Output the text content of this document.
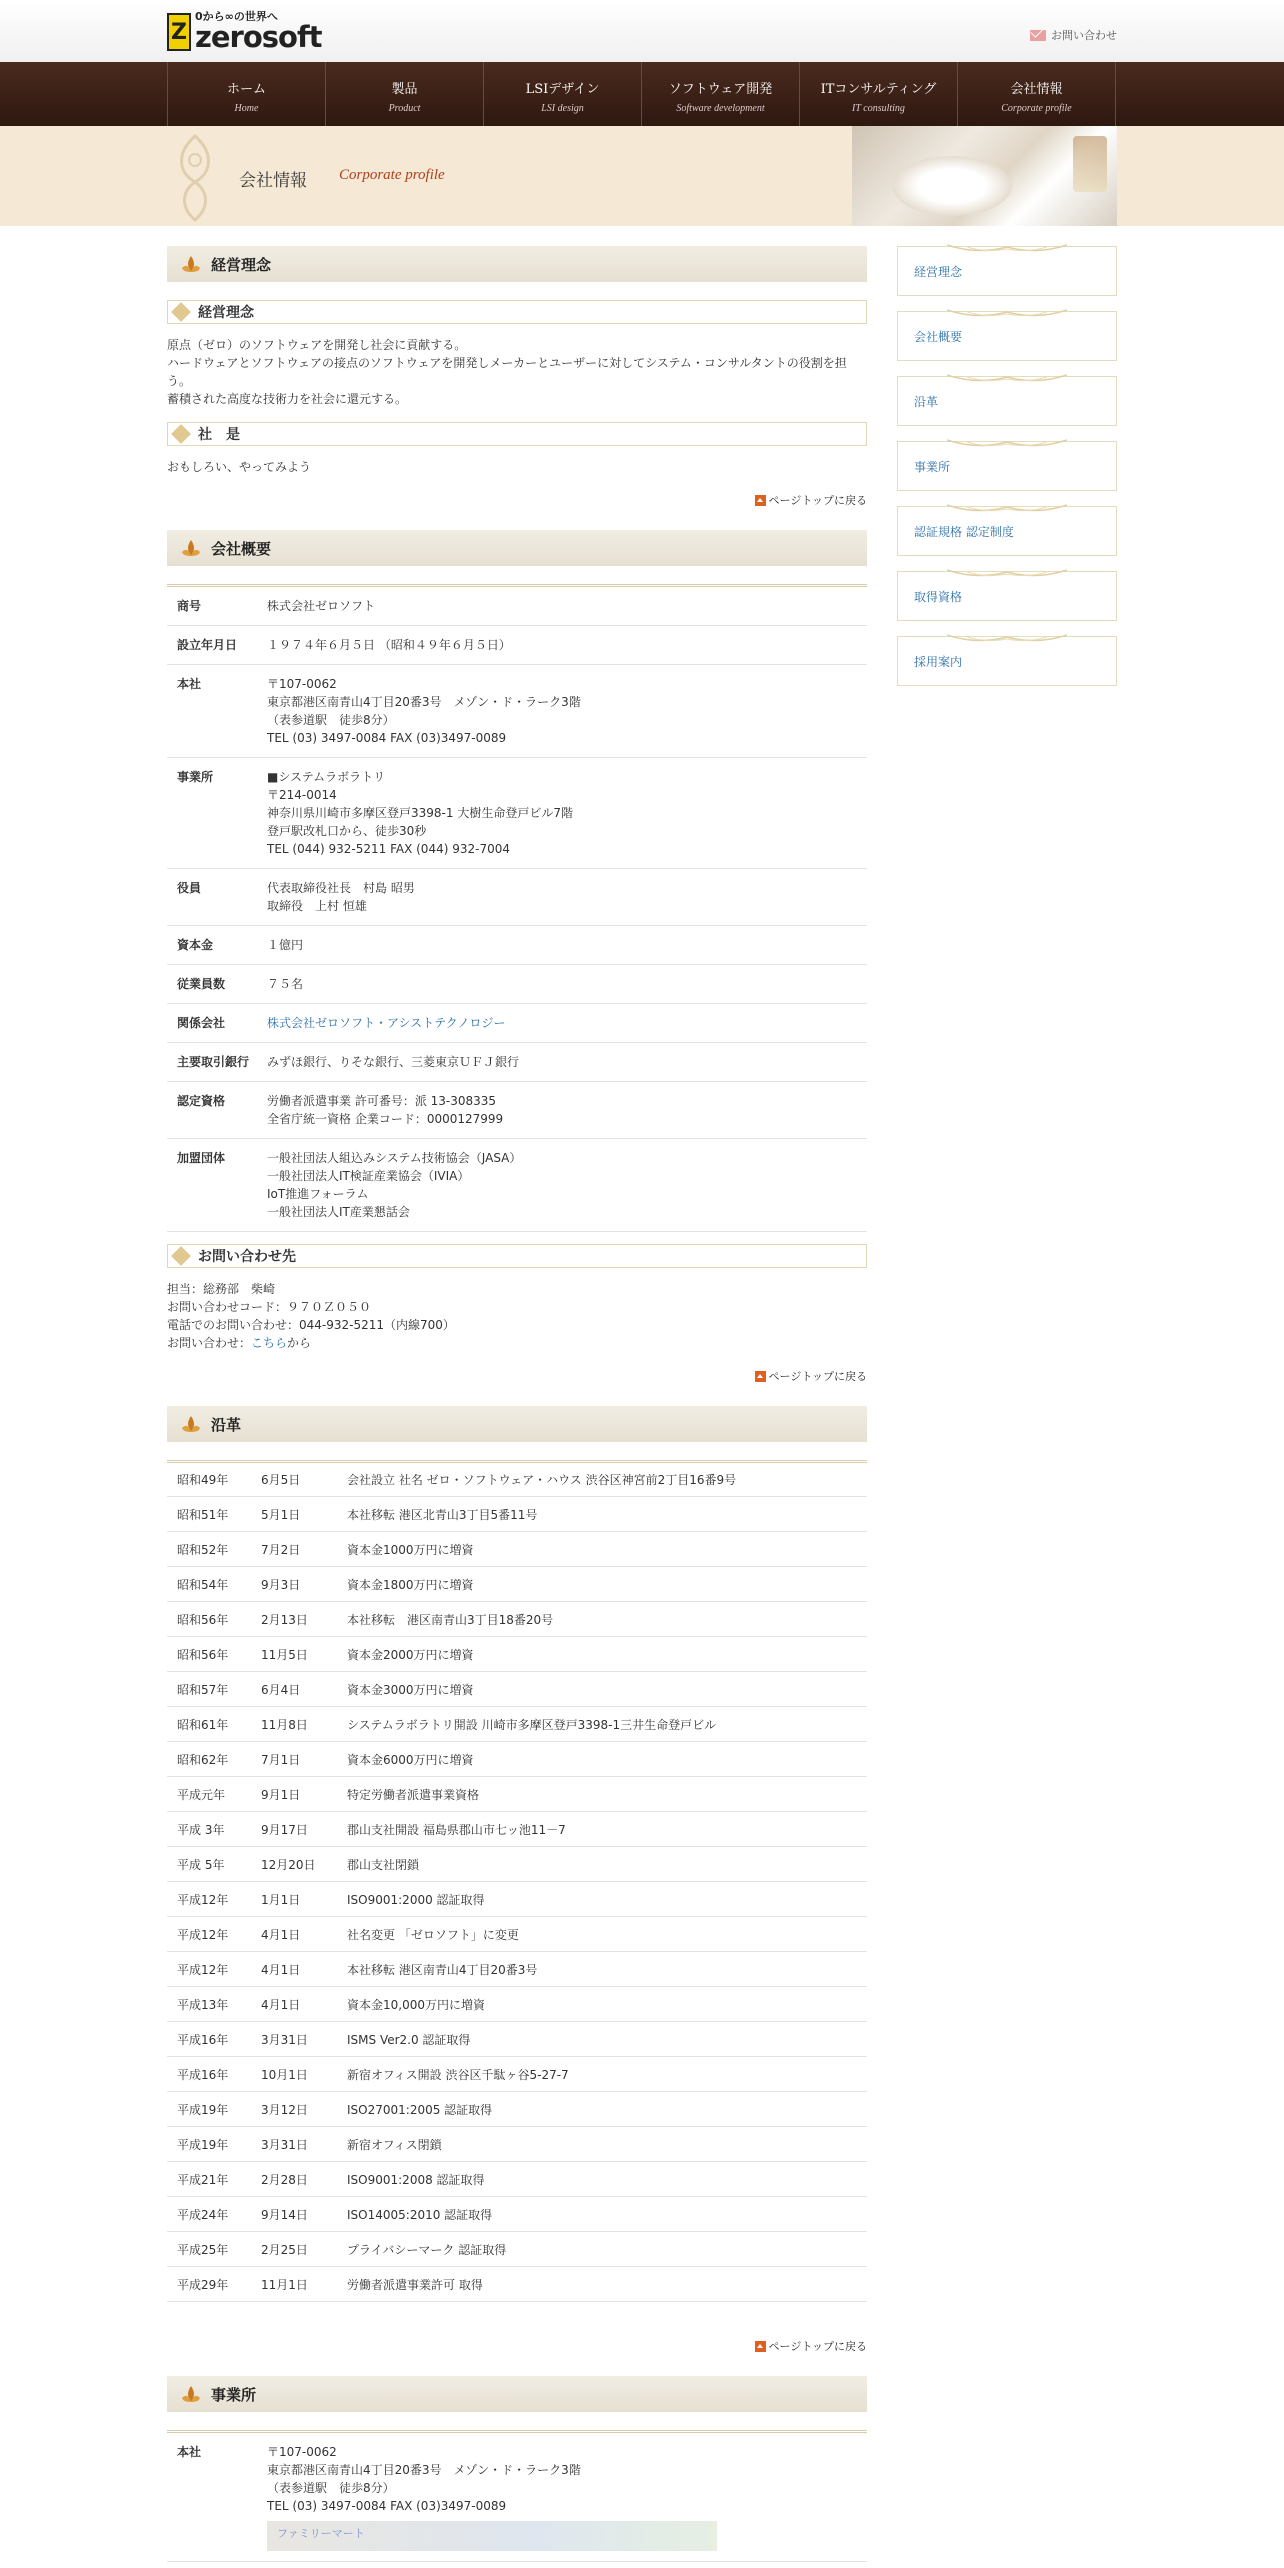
Z
0から∞の世界へ
zerosoft	お問い合わせ
ホーム
Home
製品
Product
LSIデザイン
LSI design
ソフトウェア開発
Software development
ITコンサルティング
IT consulting
会社情報
Corporate profile
会社情報 Corporate profile
経営理念
経営理念
原点（ゼロ）のソフトウェアを開発し社会に貢献する。
ハードウェアとソフトウェアの接点のソフトウェアを開発しメーカーとユーザーに対してシステム・コンサルタントの役割を担う。
蓄積された高度な技術力を社会に還元する。
社　是
おもしろい、やってみよう
ページトップに戻る
会社概要
商号	株式会社ゼロソフト

設立年月日	１９７４年６月５日 （昭和４９年６月５日）

本社	〒107-0062
東京都港区南青山4丁目20番3号　メゾン・ド・ラーク3階
（表参道駅　徒歩8分）
TEL (03) 3497-0084 FAX (03)3497-0089

事業所	■システムラボラトリ
〒214-0014
神奈川県川崎市多摩区登戸3398-1 大樹生命登戸ビル7階
登戸駅改札口から、徒歩30秒
TEL (044) 932-5211 FAX (044) 932-7004

役員	代表取締役社長　村島 昭男
取締役　上村 恒雄

資本金	１億円

従業員数	７５名

関係会社	株式会社ゼロソフト・アシストテクノロジー

主要取引銀行	みずほ銀行、りそな銀行、三菱東京ＵＦＪ銀行

認定資格	労働者派遣事業 許可番号：派 13-308335
全省庁統一資格 企業コード：0000127999

加盟団体	一般社団法人組込みシステム技術協会（JASA）
一般社団法人IT検証産業協会（IVIA）
IoT推進フォーラム
一般社団法人IT産業懇話会
お問い合わせ先
担当：総務部　柴崎
お問い合わせコード：９７０Ｚ０５０
電話でのお問い合わせ：044-932-5211（内線700）
お問い合わせ：こちらから
ページトップに戻る
沿革
昭和49年	6月5日	会社設立 社名 ゼロ・ソフトウェア・ハウス 渋谷区神宮前2丁目16番9号
昭和51年	5月1日	本社移転 港区北青山3丁目5番11号
昭和52年	7月2日	資本金1000万円に増資
昭和54年	9月3日	資本金1800万円に増資
昭和56年	2月13日	本社移転　港区南青山3丁目18番20号
昭和56年	11月5日	資本金2000万円に増資
昭和57年	6月4日	資本金3000万円に増資
昭和61年	11月8日	システムラボラトリ開設 川崎市多摩区登戸3398-1三井生命登戸ビル
昭和62年	7月1日	資本金6000万円に増資
平成元年	9月1日	特定労働者派遣事業資格
平成 3年	9月17日	郡山支社開設 福島県郡山市七ッ池11－7
平成 5年	12月20日	郡山支社閉鎖
平成12年	1月1日	ISO9001:2000 認証取得
平成12年	4月1日	社名変更 「ゼロソフト」に変更
平成12年	4月1日	本社移転 港区南青山4丁目20番3号
平成13年	4月1日	資本金10,000万円に増資
平成16年	3月31日	ISMS Ver2.0 認証取得
平成16年	10月1日	新宿オフィス開設 渋谷区千駄ヶ谷5-27-7
平成19年	3月12日	ISO27001:2005 認証取得
平成19年	3月31日	新宿オフィス閉鎖
平成21年	2月28日	ISO9001:2008 認証取得
平成24年	9月14日	ISO14005:2010 認証取得
平成25年	2月25日	プライバシーマーク 認証取得
平成29年	11月1日	労働者派遣事業許可 取得
ページトップに戻る
事業所
本社	〒107-0062
東京都港区南青山4丁目20番3号　メゾン・ド・ラーク3階
（表参道駅　徒歩8分）
TEL (03) 3497-0084 FAX (03)3497-0089
ファミリーマート
経営理念
会社概要
沿革
事業所
認証規格 認定制度
取得資格
採用案内
